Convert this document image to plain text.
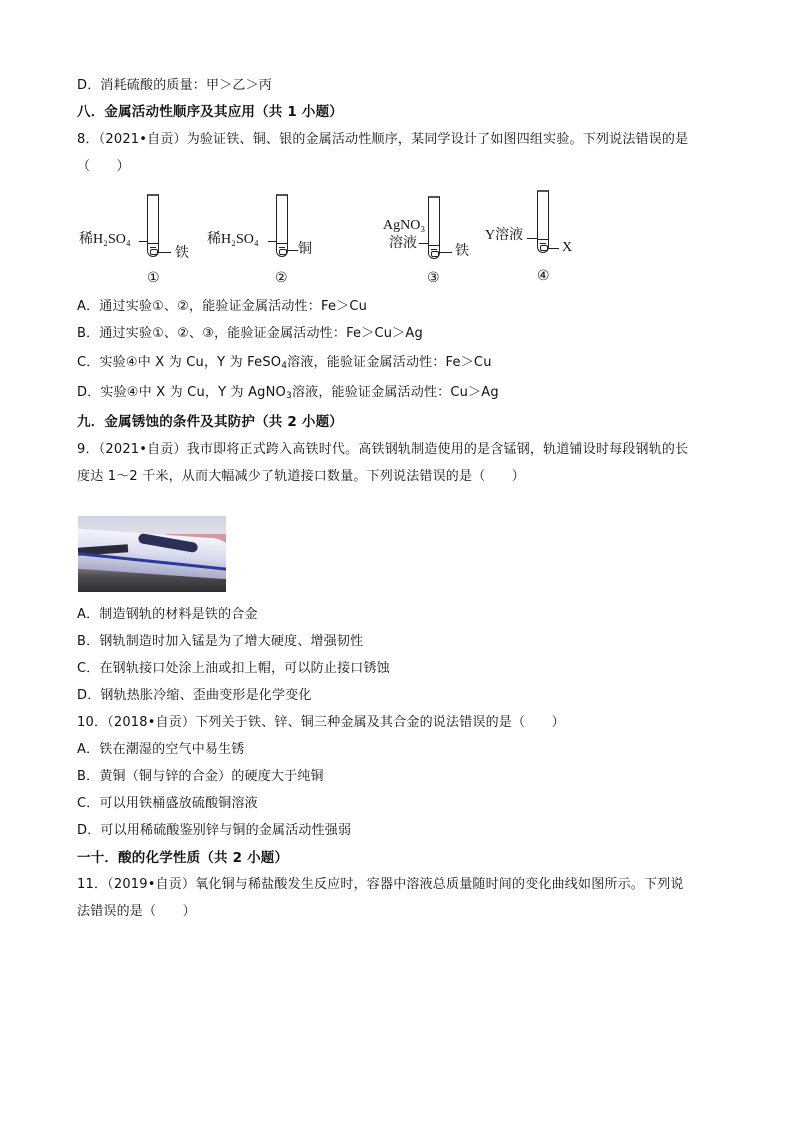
D．消耗硫酸的质量：甲＞乙＞丙
八．金属活动性顺序及其应用（共 1 小题）
8．（2021•自贡）为验证铁、铜、银的金属活动性顺序，某同学设计了如图四组实验。下列说法错误的是
（　　）
稀H₂SO₄
铁
①
稀H₂SO₄
铜
②
AgNO₃
溶液
铁
③
Y溶液
X
④
A．通过实验①、②，能验证金属活动性：Fe＞Cu
B．通过实验①、②、③，能验证金属活动性：Fe＞Cu＞Ag
C．实验④中 X 为 Cu，Y 为 FeSO$_4$溶液，能验证金属活动性：Fe＞Cu
D．实验④中 X 为 Cu，Y 为 AgNO$_3$溶液，能验证金属活动性：Cu＞Ag
九．金属锈蚀的条件及其防护（共 2 小题）
9．（2021•自贡）我市即将正式跨入高铁时代。高铁钢轨制造使用的是含锰钢，轨道铺设时每段钢轨的长
度达 1～2 千米，从而大幅减少了轨道接口数量。下列说法错误的是（　　）
A．制造钢轨的材料是铁的合金
B．钢轨制造时加入锰是为了增大硬度、增强韧性
C．在钢轨接口处涂上油或扣上帽，可以防止接口锈蚀
D．钢轨热胀冷缩、歪曲变形是化学变化
10．（2018•自贡）下列关于铁、锌、铜三种金属及其合金的说法错误的是（　　）
A．铁在潮湿的空气中易生锈
B．黄铜（铜与锌的合金）的硬度大于纯铜
C．可以用铁桶盛放硫酸铜溶液
D．可以用稀硫酸鉴别锌与铜的金属活动性强弱
一十．酸的化学性质（共 2 小题）
11．（2019•自贡）氧化铜与稀盐酸发生反应时，容器中溶液总质量随时间的变化曲线如图所示。下列说
法错误的是（　　）
